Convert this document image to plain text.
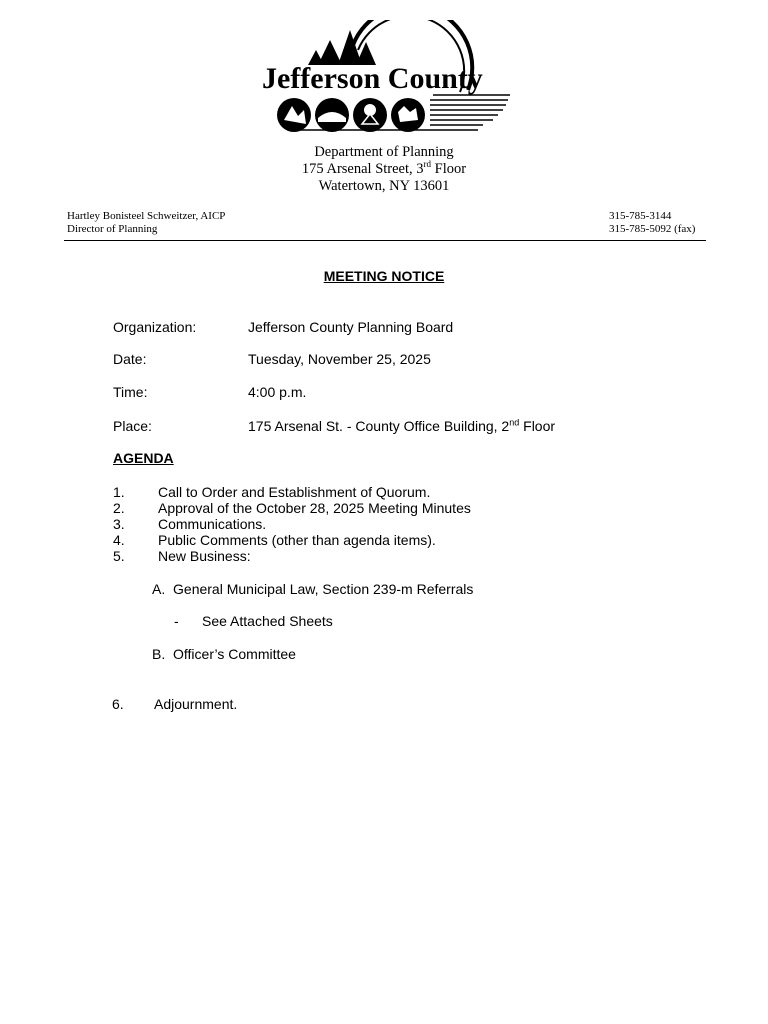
Jefferson County
Department of Planning
175 Arsenal Street, 3rd Floor
Watertown, NY 13601
Hartley Bonisteel Schweitzer, AICP
Director of Planning
315-785-3144
315-785-5092 (fax)
MEETING NOTICE
Organization:	Jefferson County Planning Board
Date:	Tuesday, November 25, 2025
Time:	4:00 p.m.
Place:	175 Arsenal St. - County Office Building, 2nd Floor
AGENDA
1. Call to Order and Establishment of Quorum.
2. Approval of the October 28, 2025 Meeting Minutes
3. Communications.
4. Public Comments (other than agenda items).
5. New Business:
A. General Municipal Law, Section 239-m Referrals
- See Attached Sheets
B. Officer’s Committee
6. Adjournment.
